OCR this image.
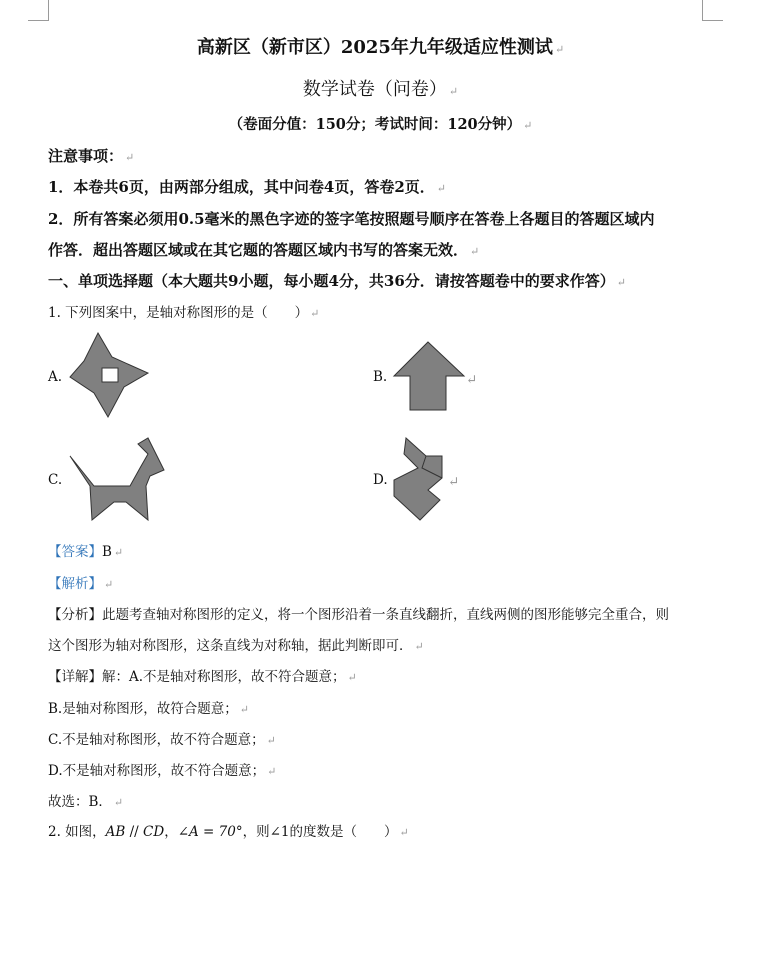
高新区（新市区）2025年九年级适应性测试 ↵
数学试卷（问卷） ↵
（卷面分值：150分；考试时间：120分钟） ↵
注意事项： ↵
1．本卷共6页，由两部分组成，其中问卷4页，答卷2页． ↵
2．所有答案必须用0.5毫米的黑色字迹的签字笔按照题号顺序在答卷上各题目的答题区域内
作答．超出答题区域或在其它题的答题区域内书写的答案无效． ↵
一、单项选择题（本大题共9小题，每小题4分，共36分．请按答题卷中的要求作答） ↵
1. 下列图案中，是轴对称图形的是（　　） ↵
A.	B.	↵
C.	D.	↵
【答案】B ↵
【解析】 ↵
【分析】此题考查轴对称图形的定义，将一个图形沿着一条直线翻折，直线两侧的图形能够完全重合，则
这个图形为轴对称图形，这条直线为对称轴，据此判断即可． ↵
【详解】解：A.不是轴对称图形，故不符合题意； ↵
B.是轴对称图形，故符合题意； ↵
C.不是轴对称图形，故不符合题意； ↵
D.不是轴对称图形，故不符合题意； ↵
故选：B． ↵
2. 如图，AB // CD，∠A = 70°，则∠1的度数是（　　） ↵
